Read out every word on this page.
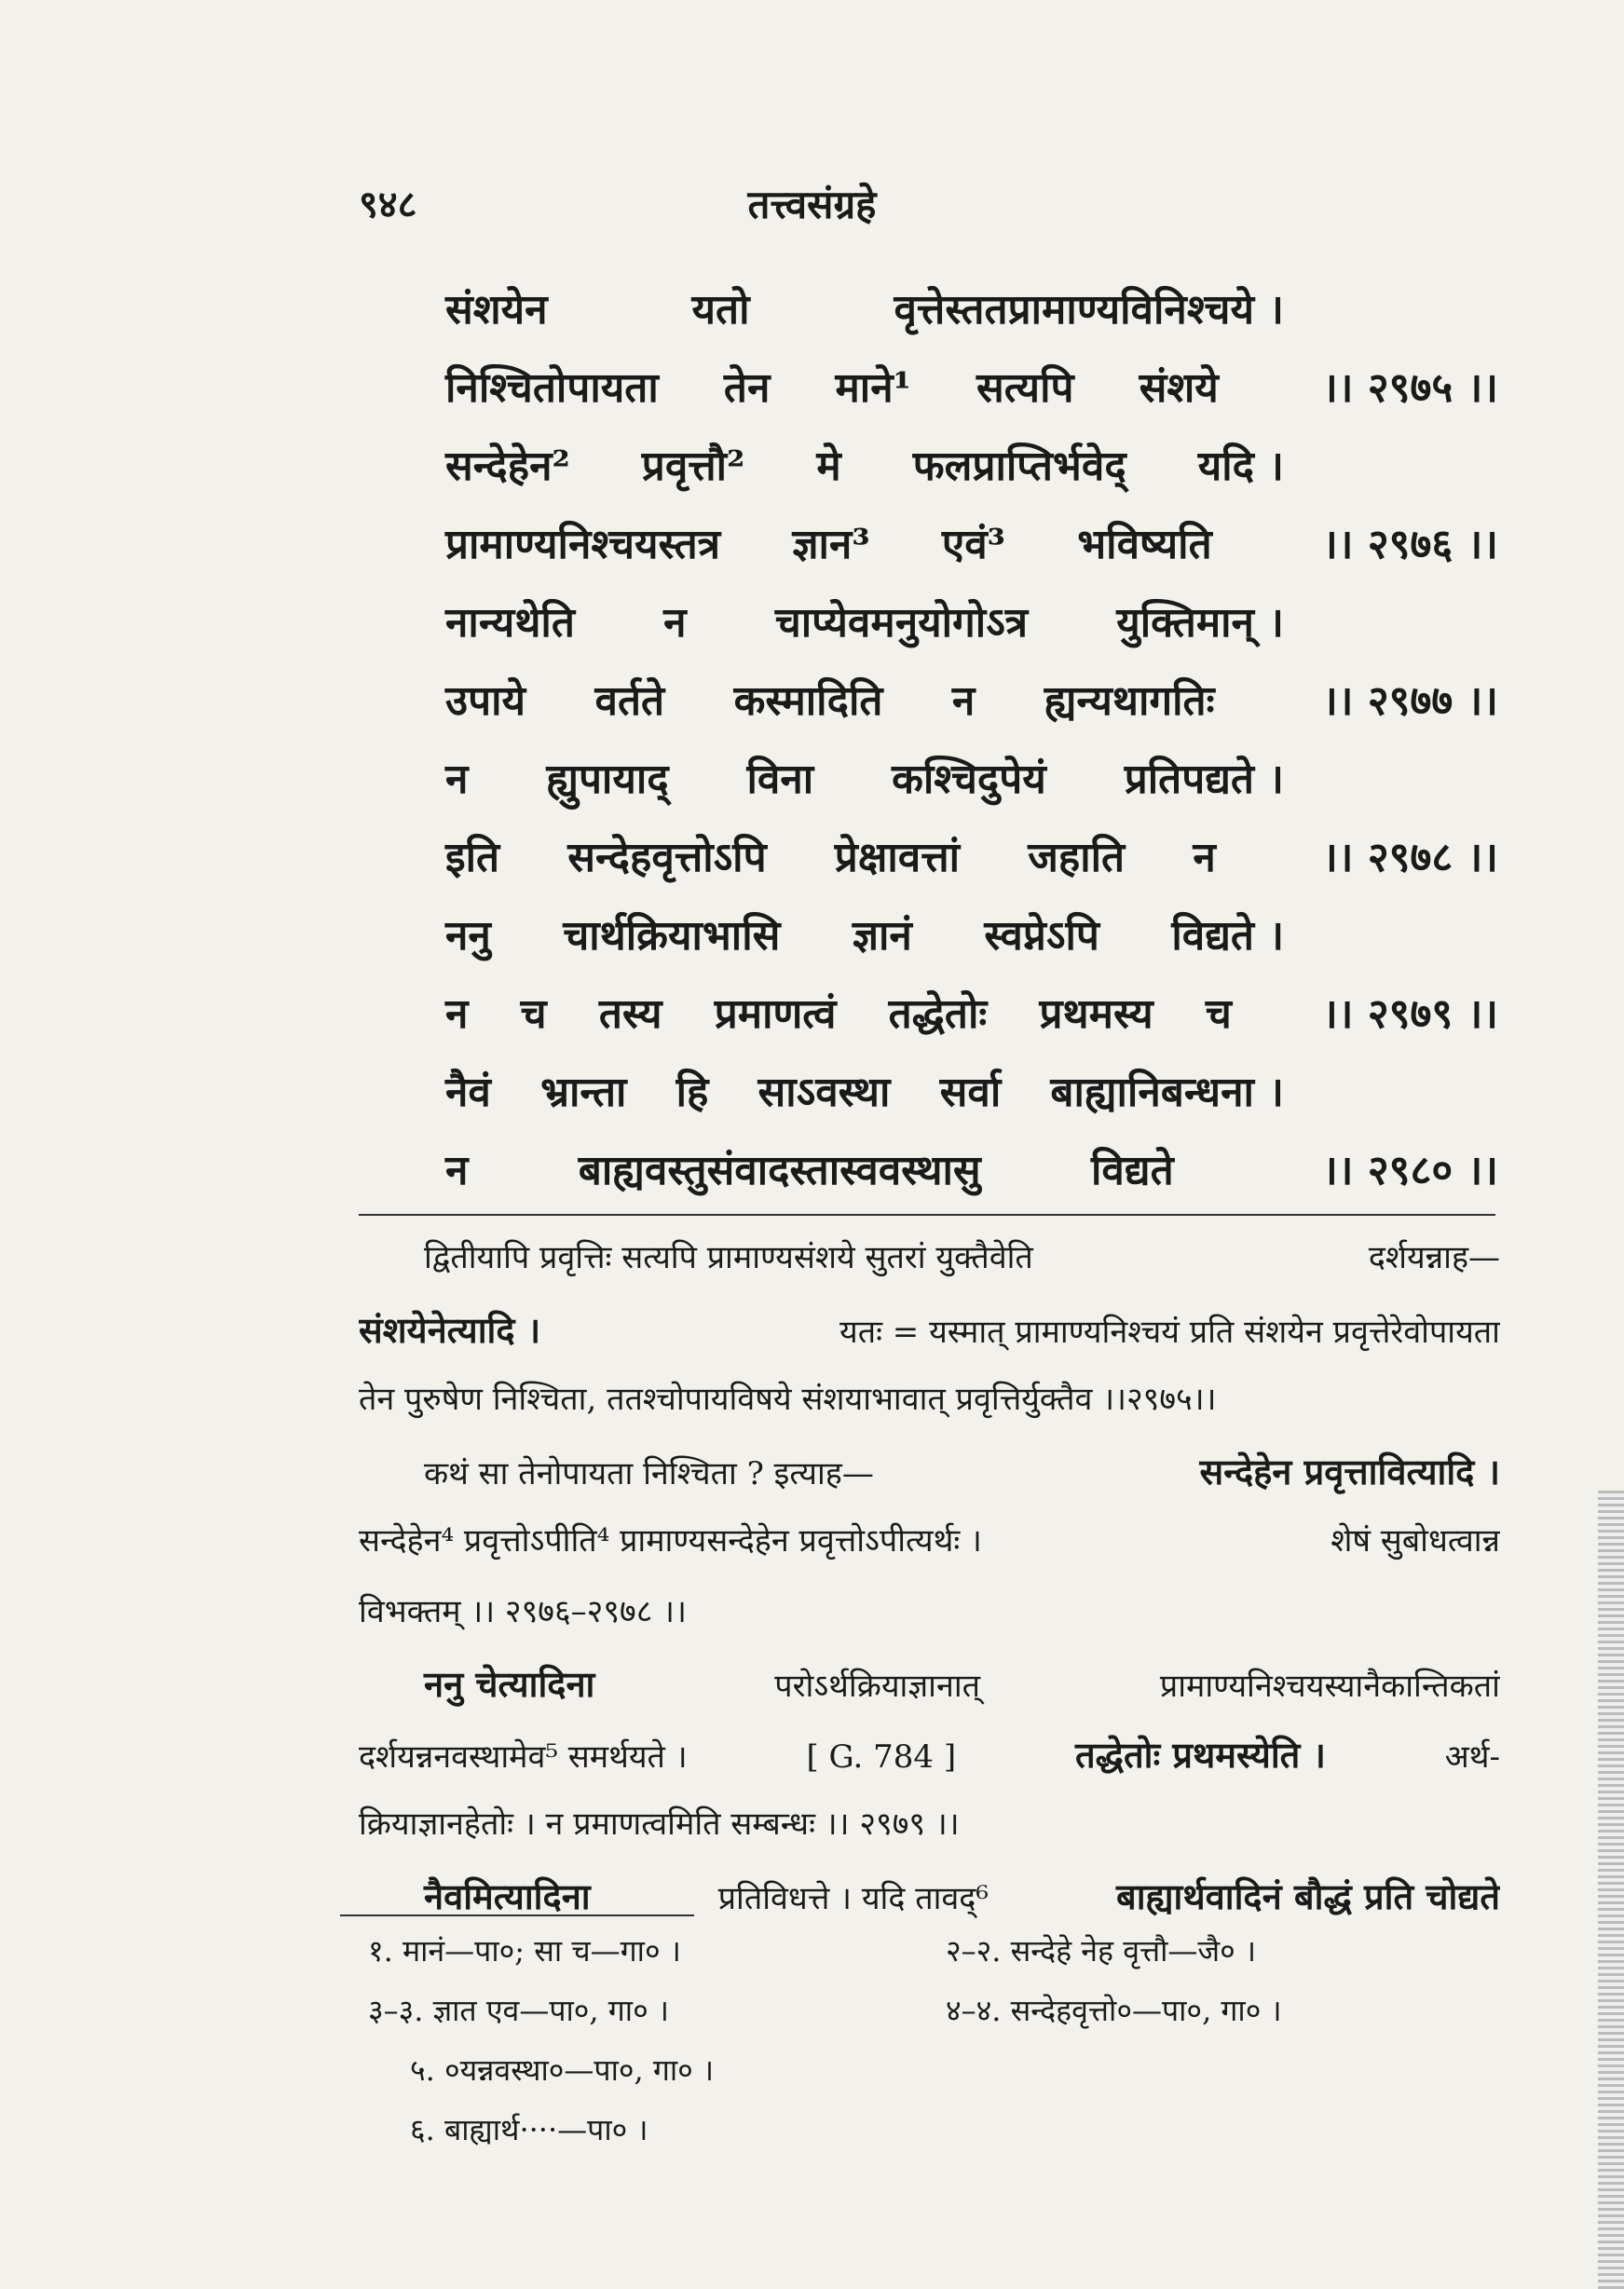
९४८	तत्त्वसंग्रहे
संशयेन	यतो	वृत्तेस्ततप्रामाण्यविनिश्चये ।
निश्चितोपायता तेन माने¹ सत्यपि संशये	।। २९७५ ।।
सन्देहेन² प्रवृत्तौ² मे फलप्राप्तिर्भवेद् यदि ।
प्रामाण्यनिश्चयस्तत्र ज्ञान³ एवं³ भविष्यति	।। २९७६ ।।
नान्यथेति न चाप्येवमनुयोगोऽत्र युक्तिमान् ।
उपाये वर्तते कस्मादिति न ह्यन्यथागतिः	।। २९७७ ।।
न ह्युपायाद् विना कश्चिदुपेयं प्रतिपद्यते ।
इति सन्देहवृत्तोऽपि प्रेक्षावत्तां जहाति न	।। २९७८ ।।
ननु चार्थक्रियाभासि ज्ञानं स्वप्नेऽपि विद्यते ।
न च तस्य प्रमाणत्वं तद्धेतोः प्रथमस्य च	।। २९७९ ।।
नैवं भ्रान्ता हि साऽवस्था सर्वा बाह्यानिबन्धना ।
न	बाह्यवस्तुसंवादस्तास्ववस्थासु	विद्यते	।। २९८० ।।
द्वितीयापि प्रवृत्तिः सत्यपि प्रामाण्यसंशये सुतरां युक्तैवेति	दर्शयन्नाह—
संशयेनेत्यादि ।	यतः = यस्मात् प्रामाण्यनिश्चयं प्रति संशयेन प्रवृत्तेरेवोपायता
तेन पुरुषेण निश्चिता, ततश्चोपायविषये संशयाभावात् प्रवृत्तिर्युक्तैव ।।२९७५।।
कथं सा तेनोपायता निश्चिता ? इत्याह—	सन्देहेन प्रवृत्तावित्यादि ।
सन्देहेन⁴ प्रवृत्तोऽपीति⁴ प्रामाण्यसन्देहेन प्रवृत्तोऽपीत्यर्थः ।	शेषं सुबोधत्वान्न
विभक्तम् ।। २९७६–२९७८ ।।
ननु चेत्यादिना	परोऽर्थक्रियाज्ञानात्	प्रामाण्यनिश्चयस्यानैकान्तिकतां
दर्शयन्ननवस्थामेव⁵ समर्थयते ।	[ G. 784 ]	तद्धेतोः प्रथमस्येति ।	अर्थ-
क्रियाज्ञानहेतोः । न प्रमाणत्वमिति सम्बन्धः ।। २९७९ ।।
नैवमित्यादिना	प्रतिविधत्ते । यदि तावद्⁶	बाह्यार्थवादिनं बौद्धं प्रति चोद्यते
१. मानं—पा०; सा च—गा० ।	२–२. सन्देहे नेह वृत्तौ—जै० ।
३–३. ज्ञात एव—पा०, गा० ।	४–४. सन्देहवृत्तो०—पा०, गा० ।
५. ०यन्नवस्था०—पा०, गा० ।
६. बाह्यार्थ····—पा० ।
